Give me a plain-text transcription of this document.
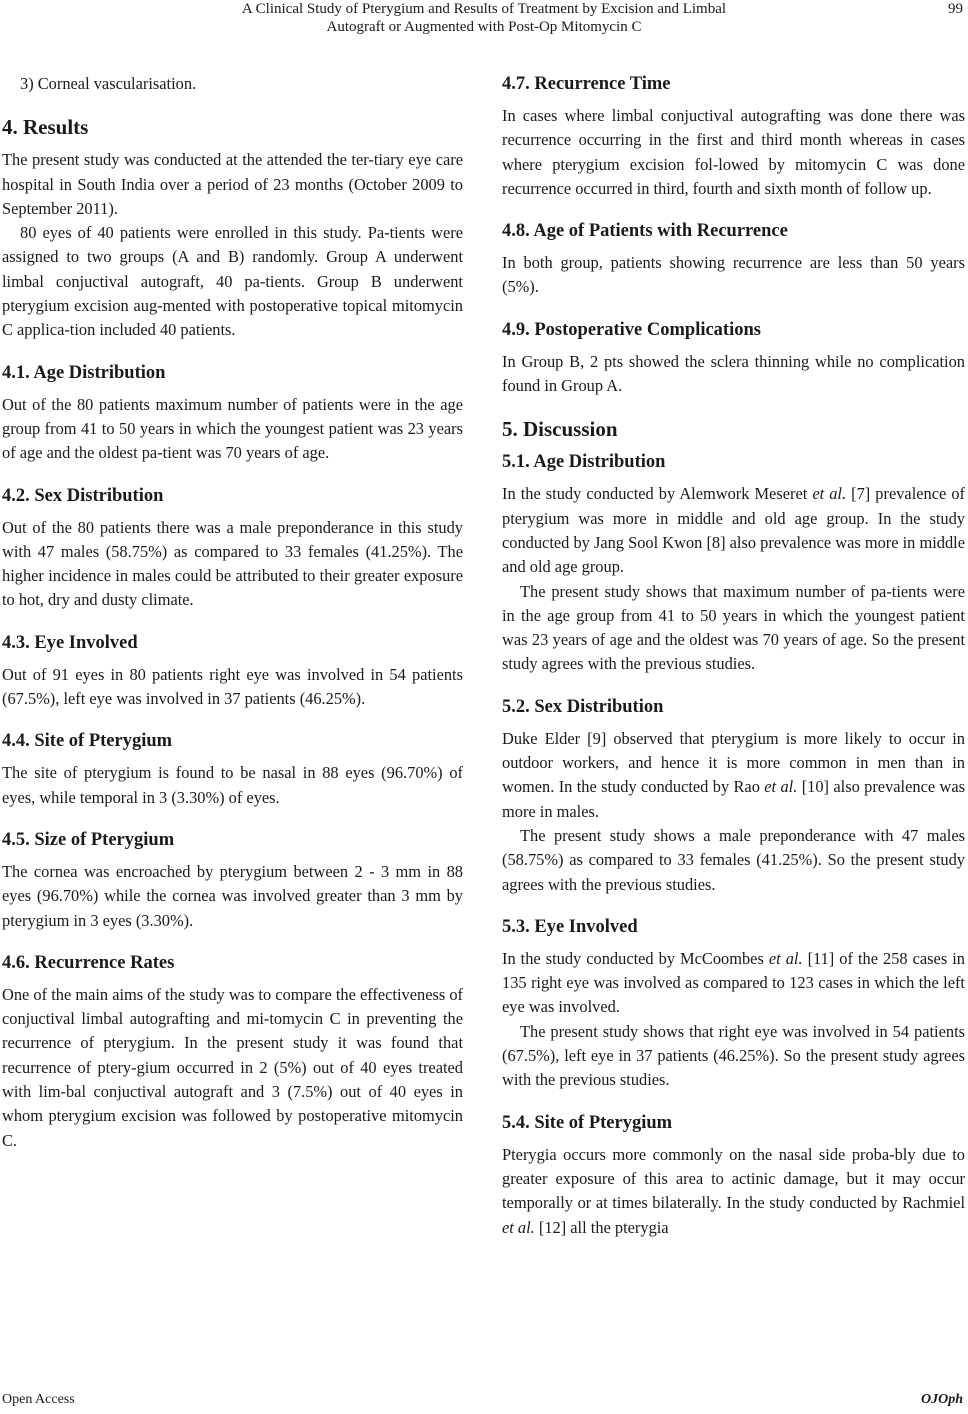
A Clinical Study of Pterygium and Results of Treatment by Excision and Limbal
Autograft or Augmented with Post-Op Mitomycin C
99

3) Corneal vascularisation.

4. Results

The present study was conducted at the attended the ter-tiary eye care hospital in South India over a period of 23 months (October 2009 to September 2011).

80 eyes of 40 patients were enrolled in this study. Pa-tients were assigned to two groups (A and B) randomly. Group A underwent limbal conjuctival autograft, 40 pa-tients. Group B underwent pterygium excision aug-mented with postoperative topical mitomycin C applica-tion included 40 patients.

4.1. Age Distribution

Out of the 80 patients maximum number of patients were in the age group from 41 to 50 years in which the youngest patient was 23 years of age and the oldest pa-tient was 70 years of age.

4.2. Sex Distribution

Out of the 80 patients there was a male preponderance in this study with 47 males (58.75%) as compared to 33 females (41.25%). The higher incidence in males could be attributed to their greater exposure to hot, dry and dusty climate.

4.3. Eye Involved

Out of 91 eyes in 80 patients right eye was involved in 54 patients (67.5%), left eye was involved in 37 patients (46.25%).

4.4. Site of Pterygium

The site of pterygium is found to be nasal in 88 eyes (96.70%) of eyes, while temporal in 3 (3.30%) of eyes.

4.5. Size of Pterygium

The cornea was encroached by pterygium between 2 - 3 mm in 88 eyes (96.70%) while the cornea was involved greater than 3 mm by pterygium in 3 eyes (3.30%).

4.6. Recurrence Rates

One of the main aims of the study was to compare the effectiveness of conjuctival limbal autografting and mi-tomycin C in preventing the recurrence of pterygium. In the present study it was found that recurrence of ptery-gium occurred in 2 (5%) out of 40 eyes treated with lim-bal conjuctival autograft and 3 (7.5%) out of 40 eyes in whom pterygium excision was followed by postoperative mitomycin C.

4.7. Recurrence Time

In cases where limbal conjuctival autografting was done there was recurrence occurring in the first and third month whereas in cases where pterygium excision fol-lowed by mitomycin C was done recurrence occurred in third, fourth and sixth month of follow up.

4.8. Age of Patients with Recurrence

In both group, patients showing recurrence are less than 50 years (5%).

4.9. Postoperative Complications

In Group B, 2 pts showed the sclera thinning while no complication found in Group A.

5. Discussion
5.1. Age Distribution

In the study conducted by Alemwork Meseret et al. [7] prevalence of pterygium was more in middle and old age group. In the study conducted by Jang Sool Kwon [8] also prevalence was more in middle and old age group.

The present study shows that maximum number of pa-tients were in the age group from 41 to 50 years in which the youngest patient was 23 years of age and the oldest was 70 years of age. So the present study agrees with the previous studies.

5.2. Sex Distribution

Duke Elder [9] observed that pterygium is more likely to occur in outdoor workers, and hence it is more common in men than in women. In the study conducted by Rao et al. [10] also prevalence was more in males.

The present study shows a male preponderance with 47 males (58.75%) as compared to 33 females (41.25%). So the present study agrees with the previous studies.

5.3. Eye Involved

In the study conducted by McCoombes et al. [11] of the 258 cases in 135 right eye was involved as compared to 123 cases in which the left eye was involved.

The present study shows that right eye was involved in 54 patients (67.5%), left eye in 37 patients (46.25%). So the present study agrees with the previous studies.

5.4. Site of Pterygium

Pterygia occurs more commonly on the nasal side proba-bly due to greater exposure of this area to actinic damage, but it may occur temporally or at times bilaterally. In the study conducted by Rachmiel et al. [12] all the pterygia

Open Access	OJOph
